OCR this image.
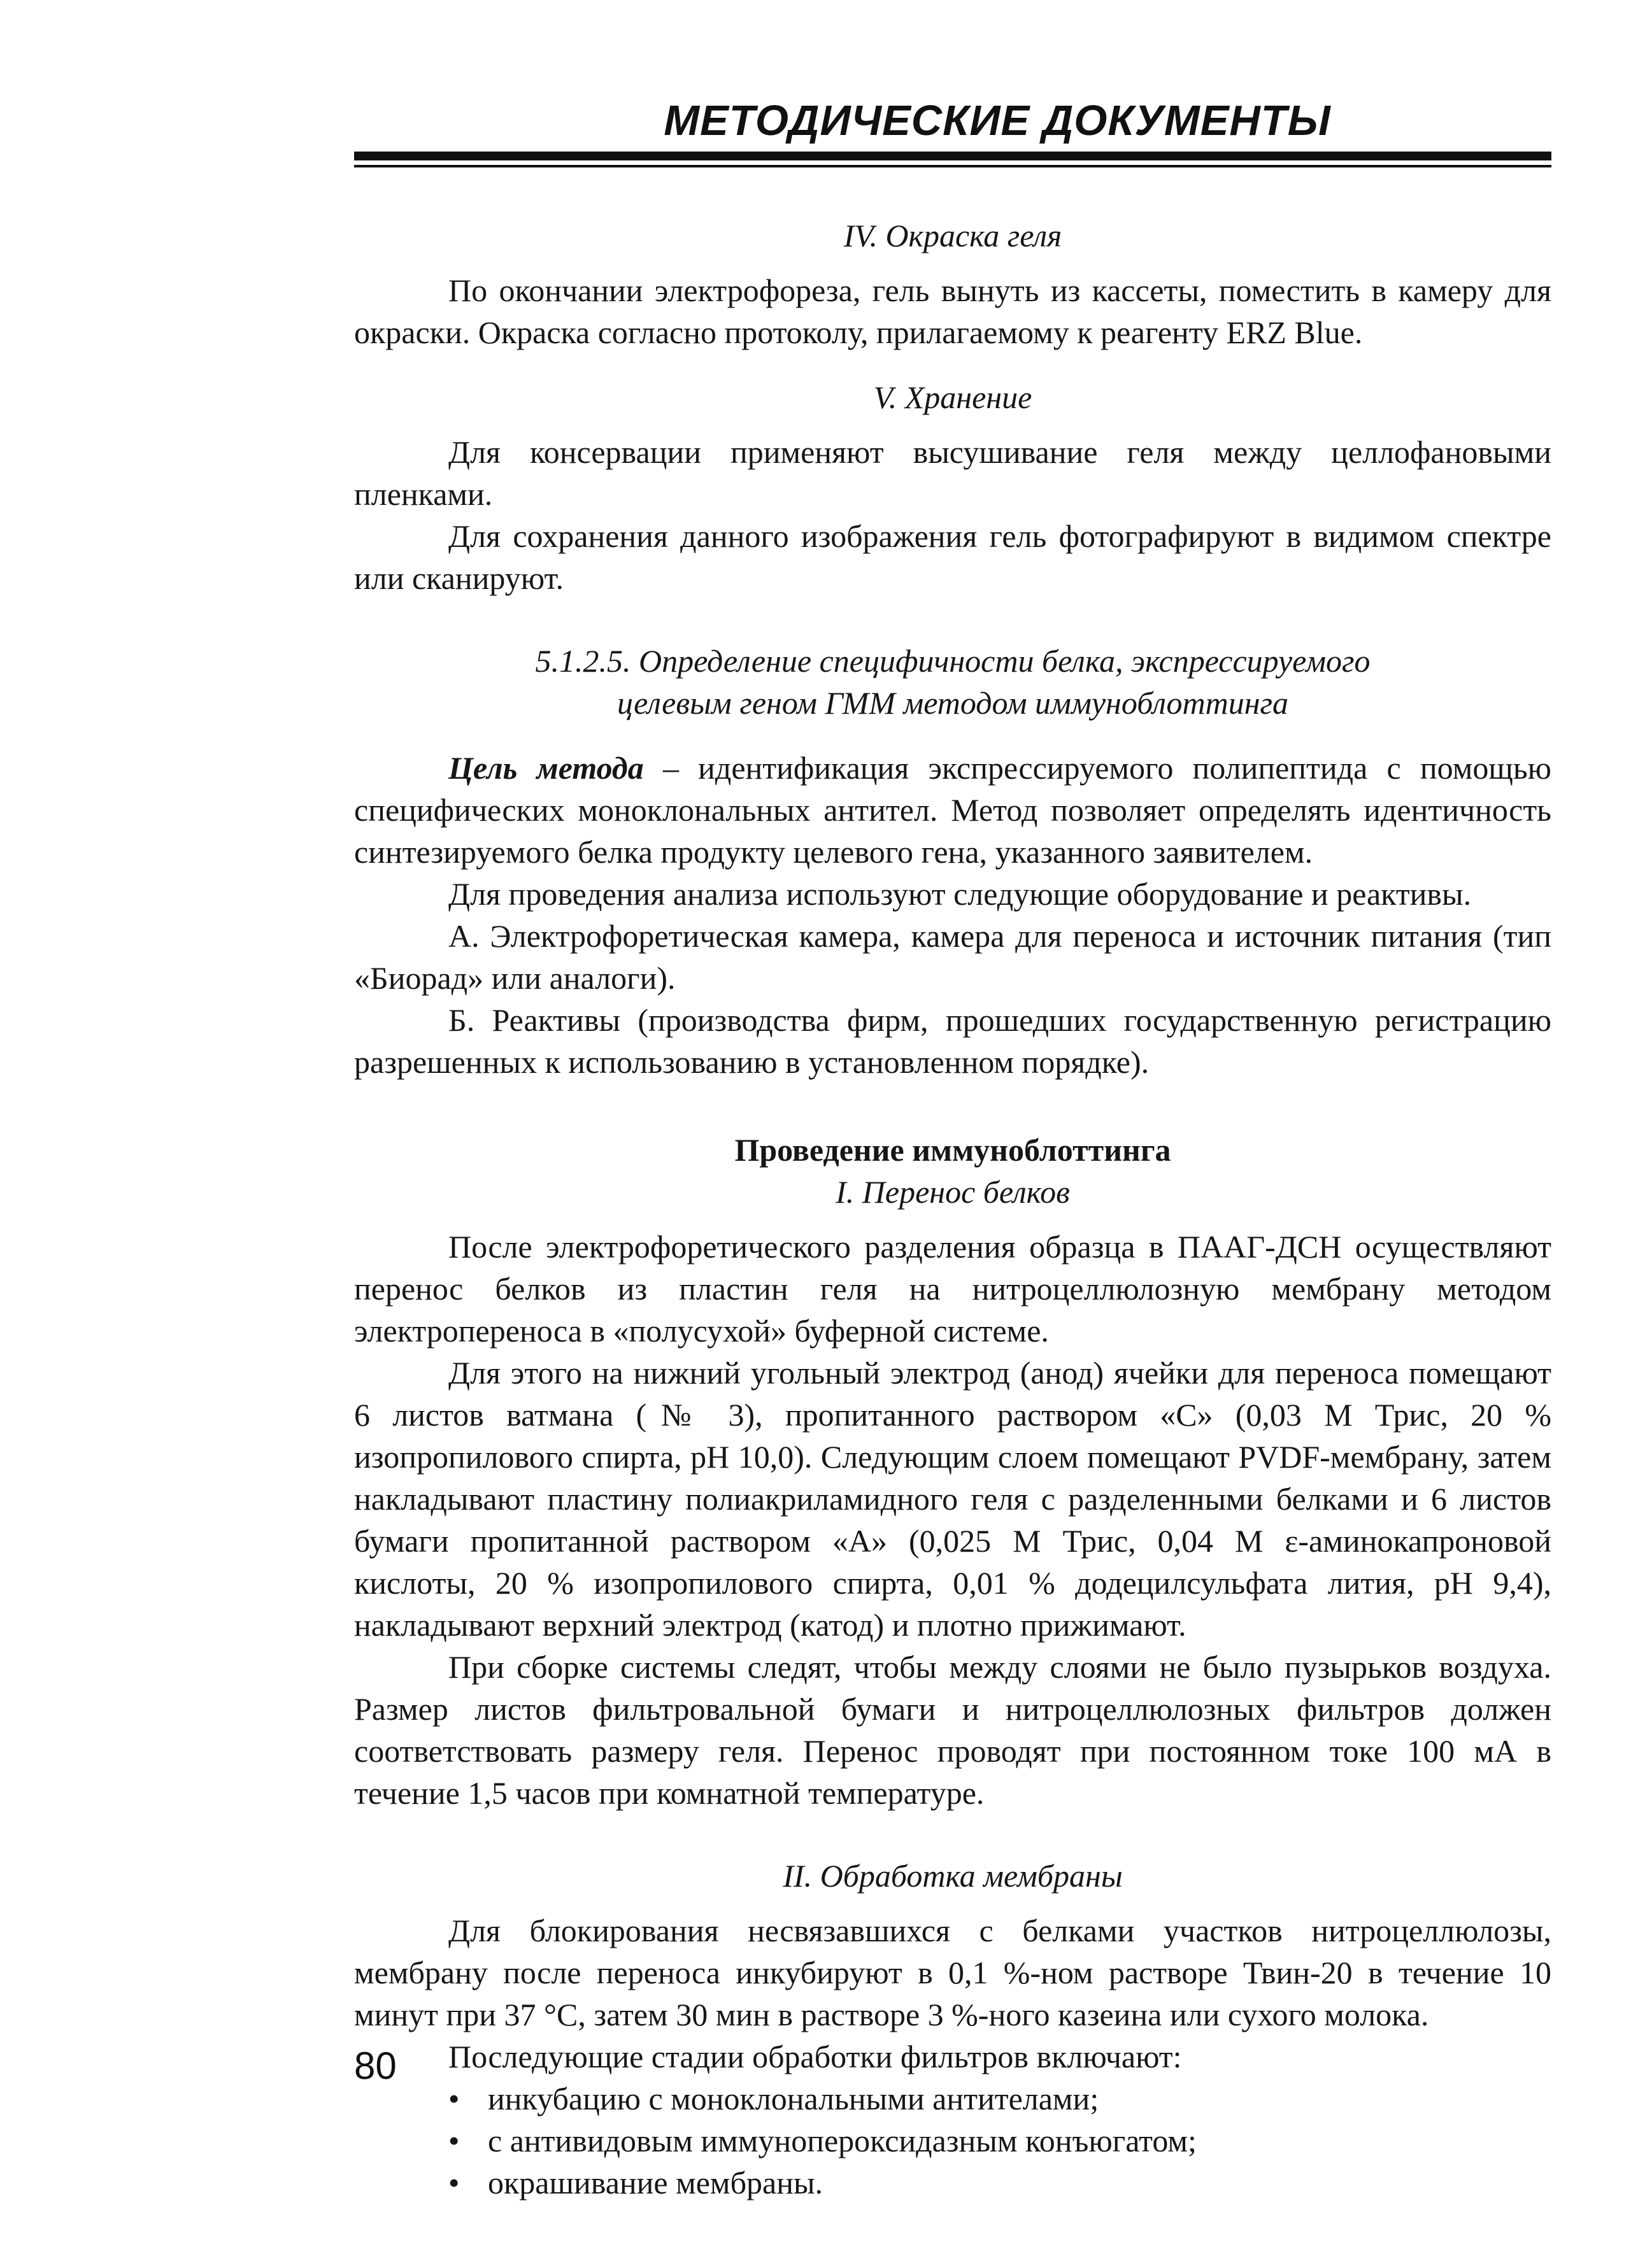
МЕТОДИЧЕСКИЕ ДОКУМЕНТЫ

IV. Окраска геля

По окончании электрофореза, гель вынуть из кассеты, поместить в камеру для окраски. Окраска согласно протоколу, прилагаемому к реагенту ERZ Blue.

V. Хранение

Для консервации применяют высушивание геля между целлофановыми пленками.

Для сохранения данного изображения гель фотографируют в видимом спектре или сканируют.

5.1.2.5. Определение специфичности белка, экспрессируемого

целевым геном ГММ методом иммуноблоттинга

Цель метода – идентификация экспрессируемого полипептида с помощью специфических моноклональных антител. Метод позволяет определять идентичность синтезируемого белка продукту целевого гена, указанного заявителем.

Для проведения анализа используют следующие оборудование и реактивы.

А. Электрофоретическая камера, камера для переноса и источник питания (тип «Биорад» или аналоги).

Б. Реактивы (производства фирм, прошедших государственную регистрацию разрешенных к использованию в установленном порядке).

Проведение иммуноблоттинга

I. Перенос белков

После электрофоретического разделения образца в ПААГ-ДСН осуществляют перенос белков из пластин геля на нитроцеллюлозную мембрану методом электропереноса в «полусухой» буферной системе.

Для этого на нижний угольный электрод (анод) ячейки для переноса помещают 6 листов ватмана (№ 3), пропитанного раствором «С» (0,03 М Трис, 20 % изопропилового спирта, pH 10,0). Следующим слоем помещают PVDF-мембрану, затем накладывают пластину полиакриламидного геля с разделенными белками и 6 листов бумаги пропитанной раствором «А» (0,025 М Трис, 0,04 М ε-аминокапроновой кислоты, 20 % изопропилового спирта, 0,01 % додецилсульфата лития, pH 9,4), накладывают верхний электрод (катод) и плотно прижимают.

При сборке системы следят, чтобы между слоями не было пузырьков воздуха. Размер листов фильтровальной бумаги и нитроцеллюлозных фильтров должен соответствовать размеру геля. Перенос проводят при постоянном токе 100 мА в течение 1,5 часов при комнатной температуре.

II. Обработка мембраны

Для блокирования несвязавшихся с белками участков нитроцеллюлозы, мембрану после переноса инкубируют в 0,1 %-ном растворе Твин-20 в течение 10 минут при 37 °С, затем 30 мин в растворе 3 %-ного казеина или сухого молока.

Последующие стадии обработки фильтров включают:

• инкубацию с моноклональными антителами;
• с антивидовым иммунопероксидазным конъюгатом;
• окрашивание мембраны.
80
